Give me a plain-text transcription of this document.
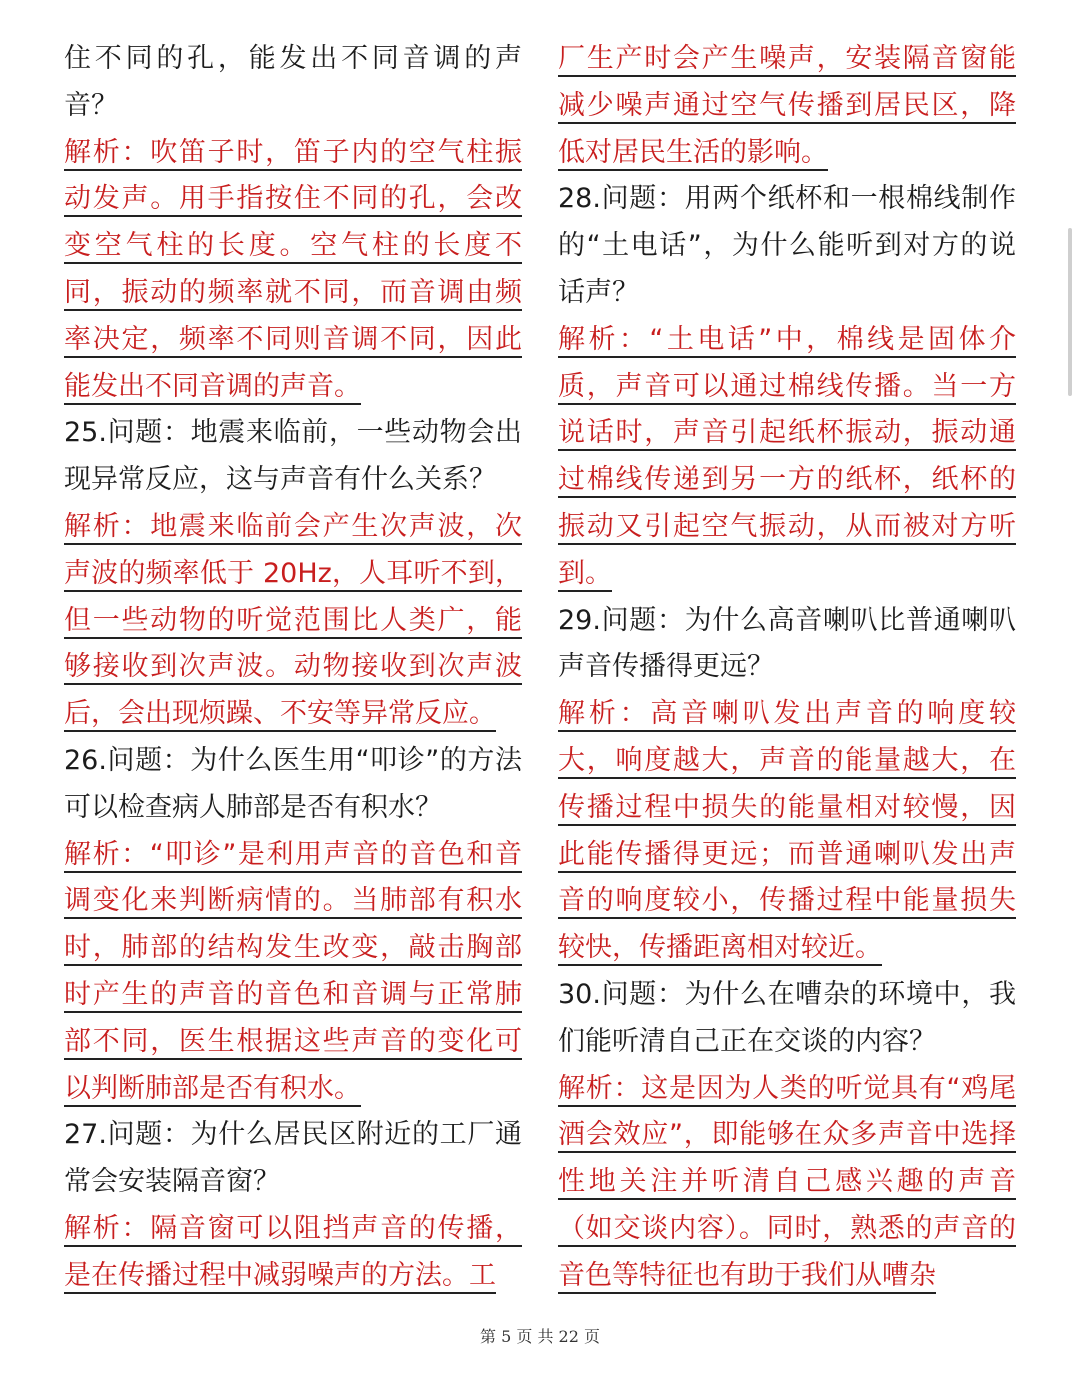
住不同的孔，能发出不同音调的声音？

解析：吹笛子时，笛子内的空气柱振动发声。用手指按住不同的孔，会改变空气柱的长度。空气柱的长度不同，振动的频率就不同，而音调由频率决定，频率不同则音调不同，因此能发出不同音调的声音。

25.问题：地震来临前，一些动物会出现异常反应，这与声音有什么关系？

解析：地震来临前会产生次声波，次声波的频率低于 20Hz，人耳听不到，但一些动物的听觉范围比人类广，能够接收到次声波。动物接收到次声波后，会出现烦躁、不安等异常反应。

26.问题：为什么医生用“叩诊”的方法可以检查病人肺部是否有积水？

解析：“叩诊”是利用声音的音色和音调变化来判断病情的。当肺部有积水时，肺部的结构发生改变，敲击胸部时产生的声音的音色和音调与正常肺部不同，医生根据这些声音的变化可以判断肺部是否有积水。

27.问题：为什么居民区附近的工厂通常会安装隔音窗？

解析：隔音窗可以阻挡声音的传播，是在传播过程中减弱噪声的方法。工

厂生产时会产生噪声，安装隔音窗能减少噪声通过空气传播到居民区，降低对居民生活的影响。

28.问题：用两个纸杯和一根棉线制作的“土电话”，为什么能听到对方的说话声？

解析：“土电话”中，棉线是固体介质，声音可以通过棉线传播。当一方说话时，声音引起纸杯振动，振动通过棉线传递到另一方的纸杯，纸杯的振动又引起空气振动，从而被对方听到。

29.问题：为什么高音喇叭比普通喇叭声音传播得更远？

解析：高音喇叭发出声音的响度较大，响度越大，声音的能量越大，在传播过程中损失的能量相对较慢，因此能传播得更远；而普通喇叭发出声音的响度较小，传播过程中能量损失较快，传播距离相对较近。

30.问题：为什么在嘈杂的环境中，我们能听清自己正在交谈的内容？

解析：这是因为人类的听觉具有“鸡尾酒会效应”，即能够在众多声音中选择性地关注并听清自己感兴趣的声音（如交谈内容）。同时，熟悉的声音的音色等特征也有助于我们从嘈杂

第 5 页 共 22 页
